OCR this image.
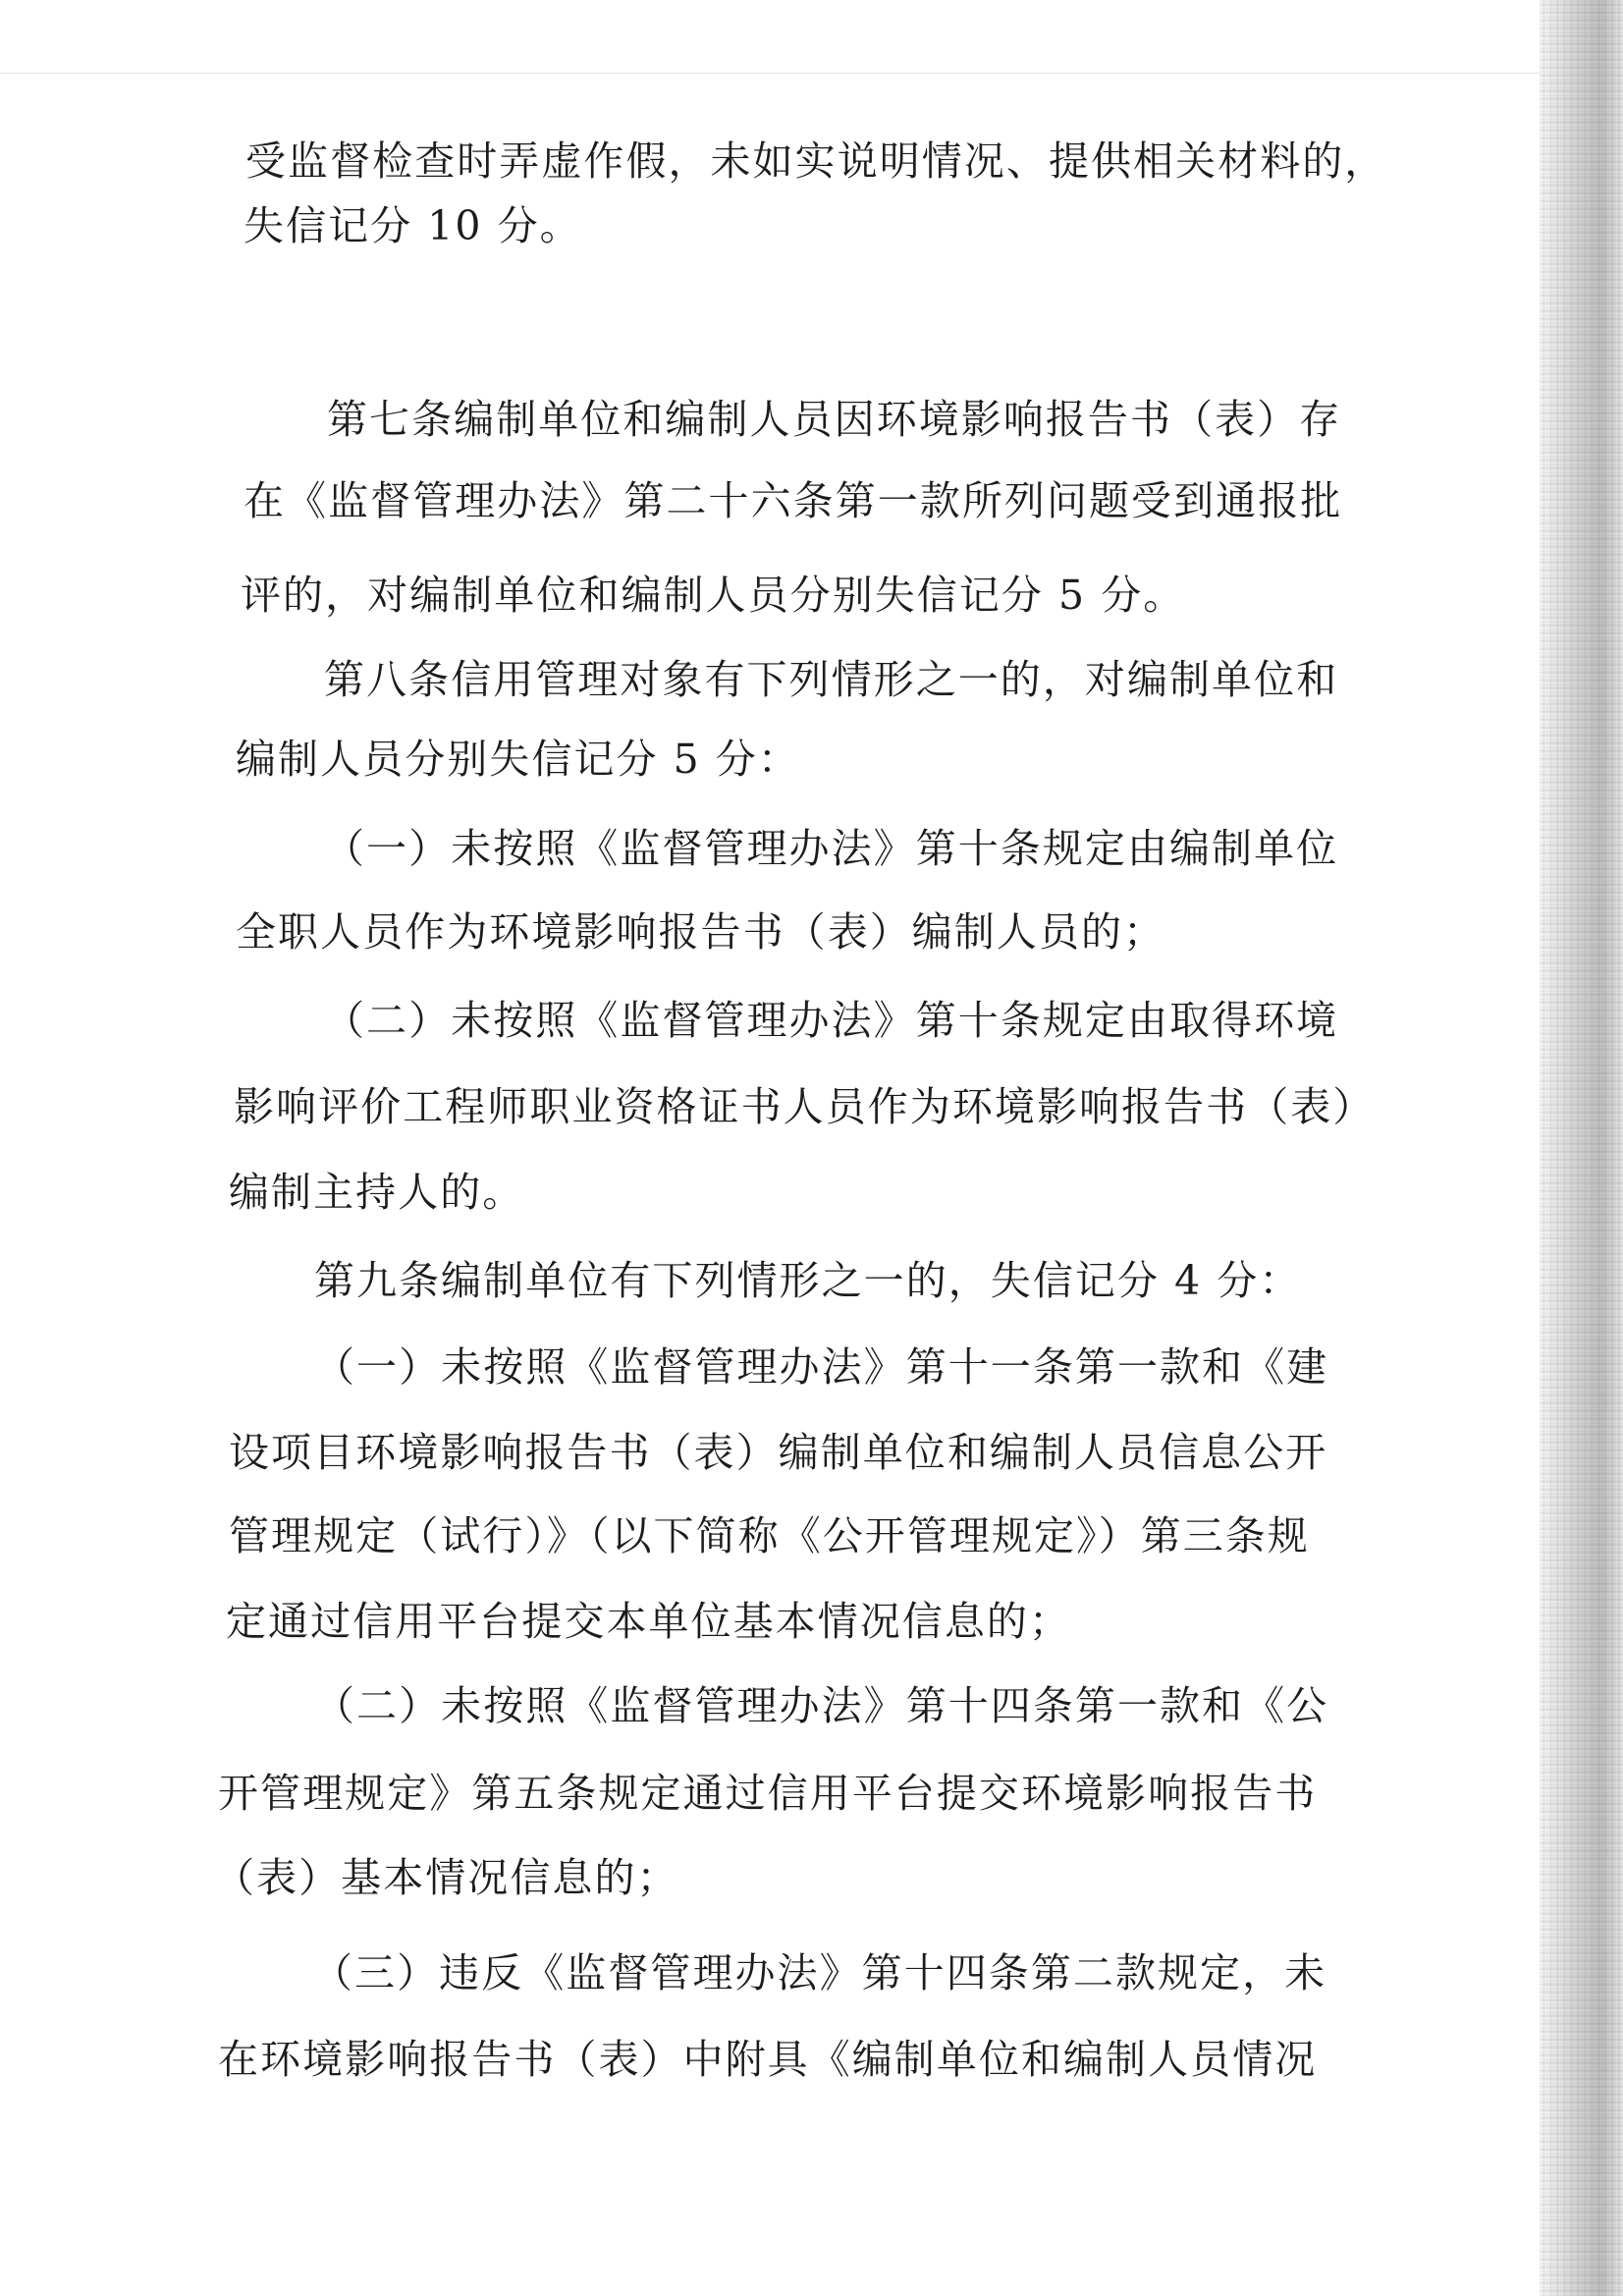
受监督检查时弄虚作假，未如实说明情况、提供相关材料的，
失信记分 10 分。
第七条编制单位和编制人员因环境影响报告书（表）存
在《监督管理办法》第二十六条第一款所列问题受到通报批
评的，对编制单位和编制人员分别失信记分 5 分。
第八条信用管理对象有下列情形之一的，对编制单位和
编制人员分别失信记分 5 分：
（一）未按照《监督管理办法》第十条规定由编制单位
全职人员作为环境影响报告书（表）编制人员的；
（二）未按照《监督管理办法》第十条规定由取得环境
影响评价工程师职业资格证书人员作为环境影响报告书（表）
编制主持人的。
第九条编制单位有下列情形之一的，失信记分 4 分：
（一）未按照《监督管理办法》第十一条第一款和《建
设项目环境影响报告书（表）编制单位和编制人员信息公开
管理规定（试行）》（以下简称《公开管理规定》）第三条规
定通过信用平台提交本单位基本情况信息的；
（二）未按照《监督管理办法》第十四条第一款和《公
开管理规定》第五条规定通过信用平台提交环境影响报告书
（表）基本情况信息的；
（三）违反《监督管理办法》第十四条第二款规定，未
在环境影响报告书（表）中附具《编制单位和编制人员情况
